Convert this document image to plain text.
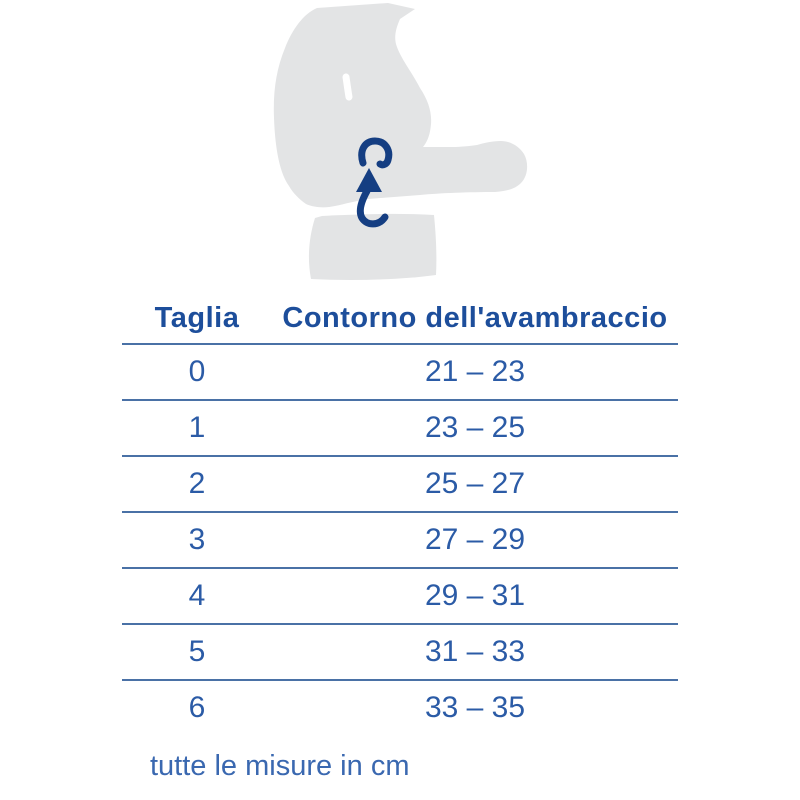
Taglia	Contorno dell'avambraccio
0	21 – 23
1	23 – 25
2	25 – 27
3	27 – 29
4	29 – 31
5	31 – 33
6	33 – 35
tutte le misure in cm
